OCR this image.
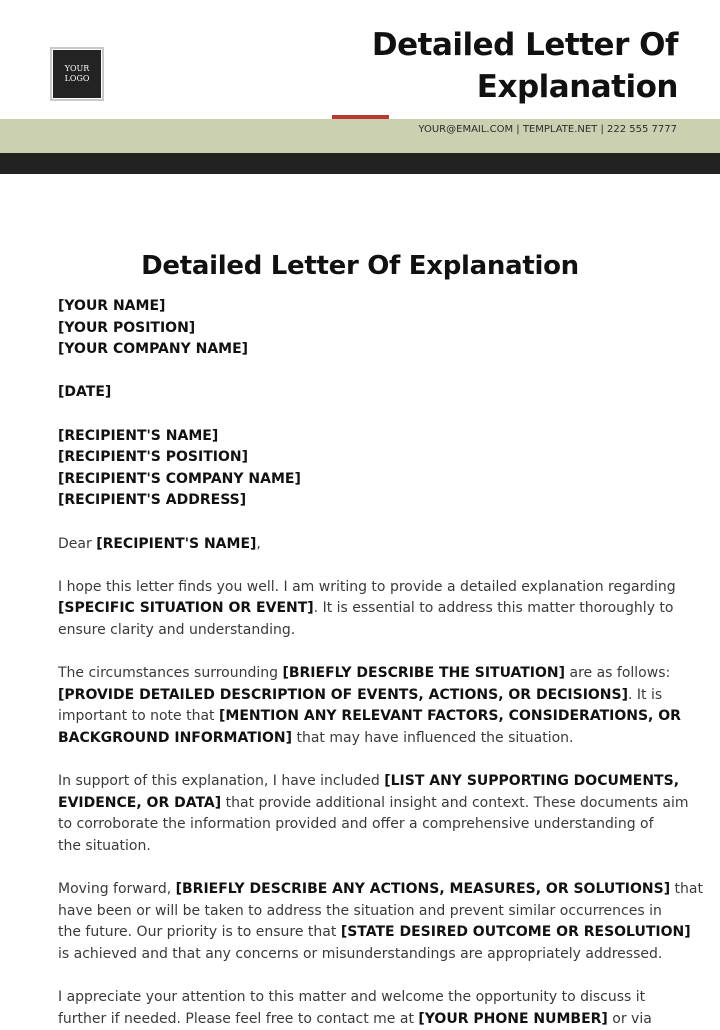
YOUR
LOGO
Detailed Letter Of
Explanation
YOUR@EMAIL.COM | TEMPLATE.NET | 222 555 7777
Detailed Letter Of Explanation
[YOUR NAME]
[YOUR POSITION]
[YOUR COMPANY NAME]
[DATE]
[RECIPIENT'S NAME]
[RECIPIENT'S POSITION]
[RECIPIENT'S COMPANY NAME]
[RECIPIENT'S ADDRESS]
Dear [RECIPIENT'S NAME],
I hope this letter finds you well. I am writing to provide a detailed explanation regarding
[SPECIFIC SITUATION OR EVENT]. It is essential to address this matter thoroughly to
ensure clarity and understanding.
The circumstances surrounding [BRIEFLY DESCRIBE THE SITUATION] are as follows:
[PROVIDE DETAILED DESCRIPTION OF EVENTS, ACTIONS, OR DECISIONS]. It is
important to note that [MENTION ANY RELEVANT FACTORS, CONSIDERATIONS, OR
BACKGROUND INFORMATION] that may have influenced the situation.
In support of this explanation, I have included [LIST ANY SUPPORTING DOCUMENTS,
EVIDENCE, OR DATA] that provide additional insight and context. These documents aim
to corroborate the information provided and offer a comprehensive understanding of
the situation.
Moving forward, [BRIEFLY DESCRIBE ANY ACTIONS, MEASURES, OR SOLUTIONS] that
have been or will be taken to address the situation and prevent similar occurrences in
the future. Our priority is to ensure that [STATE DESIRED OUTCOME OR RESOLUTION]
is achieved and that any concerns or misunderstandings are appropriately addressed.
I appreciate your attention to this matter and welcome the opportunity to discuss it
further if needed. Please feel free to contact me at [YOUR PHONE NUMBER] or via
